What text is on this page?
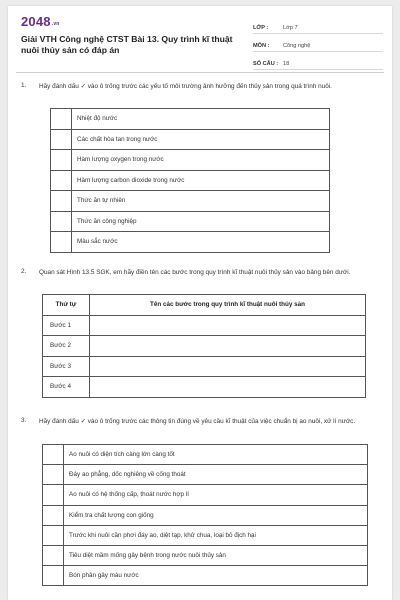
$2048^{.vn}$
Giải VTH Công nghệ CTST Bài 13. Quy trình kĩ thuật nuôi thủy sản có đáp án
LỚP :	Lớp 7
MÔN :	Công nghệ
SỐ CÂU : 18
1. Hãy đánh dấu ✓ vào ô trống trước các yếu tố môi trường ảnh hưởng đến thủy sản trong quá trình nuôi.
	Nhiệt độ nước
	Các chất hòa tan trong nước
	Hàm lượng oxygen trong nước
	Hàm lượng carbon dioxide trong nước
	Thức ăn tự nhiên
	Thức ăn công nghiệp
	Màu sắc nước
2. Quan sát Hình 13.5 SGK, em hãy điền tên các bước trong quy trình kĩ thuật nuôi thủy sản vào bảng bên dưới.
Thứ tự	Tên các bước trong quy trình kĩ thuật nuôi thủy sản
Bước 1	
Bước 2	
Bước 3	
Bước 4	
3. Hãy đánh dấu ✓ vào ô trống trước các thông tin đúng về yêu cầu kĩ thuật của việc chuẩn bị ao nuôi, xử lí nước.
	Ao nuôi có diện tích càng lớn càng tốt
	Đáy ao phẳng, dốc nghiêng về cống thoát
	Ao nuôi có hệ thống cấp, thoát nước hợp lí
	Kiểm tra chất lượng con giống
	Trước khi nuôi cần phơi đáy ao, diệt tạp, khử chua, loại bỏ địch hại
	Tiêu diệt mầm mống gây bệnh trong nước nuôi thủy sản
	Bón phân gây màu nước
